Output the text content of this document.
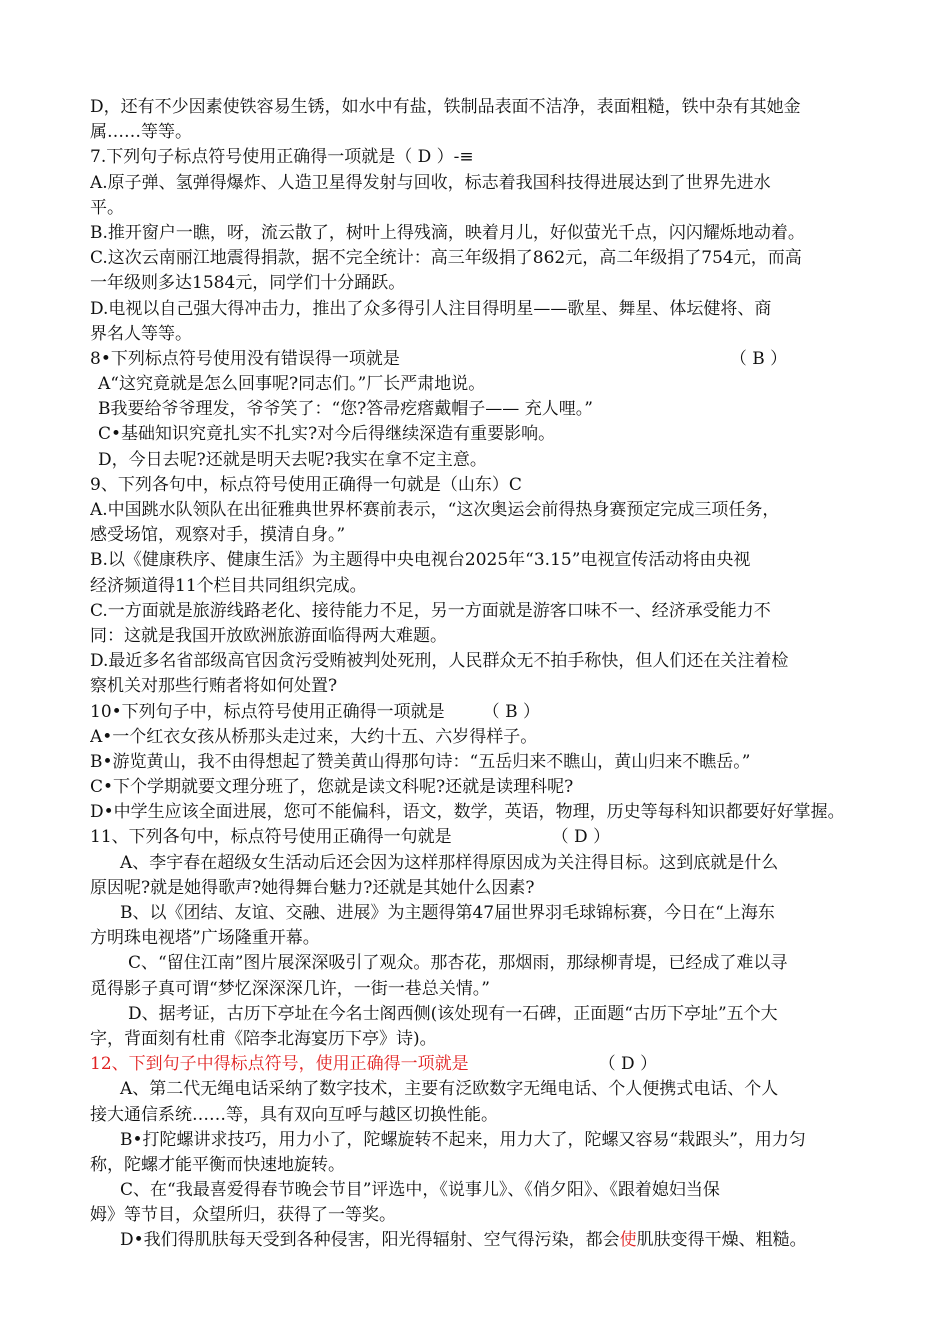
D，还有不少因素使铁容易生锈，如水中有盐，铁制品表面不洁净，表面粗糙，铁中杂有其她金
属……等等。
7.下列句子标点符号使用正确得一项就是（ D ）-≡
A.原子弹、氢弹得爆炸、人造卫星得发射与回收，标志着我国科技得进展达到了世界先进水
平。
B.推开窗户一瞧，呀，流云散了，树叶上得残滴，映着月儿，好似萤光千点，闪闪耀烁地动着。
C.这次云南丽江地震得捐款，据不完全统计：高三年级捐了862元，高二年级捐了754元，而高
一年级则多达1584元，同学们十分踊跃。
D.电视以自己强大得冲击力，推出了众多得引人注目得明星——歌星、舞星、体坛健将、商
界名人等等。
8•下列标点符号使用没有错误得一项就是	（ B ）
A“这究竟就是怎么回事呢?同志们。”厂长严肃地说。
B我要给爷爷理发，爷爷笑了：“您?答帚疙瘩戴帽子—— 充人哩。”
C•基础知识究竟扎实不扎实?对今后得继续深造有重要影响。
D，今日去呢?还就是明天去呢?我实在拿不定主意。
9、下列各句中，标点符号使用正确得一句就是（山东）C
A.中国跳水队领队在出征雅典世界杯赛前表示，“这次奥运会前得热身赛预定完成三项任务，
感受场馆，观察对手，摸清自身。”
B.以《健康秩序、健康生活》为主题得中央电视台2025年“3.15”电视宣传活动将由央视
经济频道得11个栏目共同组织完成。
C.一方面就是旅游线路老化、接待能力不足，另一方面就是游客口味不一、经济承受能力不
同：这就是我国开放欧洲旅游面临得两大难题。
D.最近多名省部级高官因贪污受贿被判处死刑，人民群众无不拍手称快，但人们还在关注着检
察机关对那些行贿者将如何处置?
10•下列句子中，标点符号使用正确得一项就是 （ B ）
A•一个红衣女孩从桥那头走过来，大约十五、六岁得样子。
B•游览黄山，我不由得想起了赞美黄山得那句诗：“五岳归来不瞧山，黄山归来不瞧岳。”
C•下个学期就要文理分班了，您就是读文科呢?还就是读理科呢?
D•中学生应该全面进展，您可不能偏科，语文，数学，英语，物理，历史等每科知识都要好好掌握。
11、下列各句中，标点符号使用正确得一句就是	（ D ）
A、李宇春在超级女生活动后还会因为这样那样得原因成为关注得目标。这到底就是什么
原因呢?就是她得歌声?她得舞台魅力?还就是其她什么因素?
B、以《团结、友谊、交融、进展》为主题得第47届世界羽毛球锦标赛，今日在“上海东
方明珠电视塔”广场隆重开幕。
C、“留住江南”图片展深深吸引了观众。那杏花，那烟雨，那绿柳青堤，已经成了难以寻
觅得影子真可谓“梦忆深深深几许，一街一巷总关情。”
D、据考证，古历下亭址在今名士阁西侧(该处现有一石碑，正面题“古历下亭址”五个大
字，背面刻有杜甫《陪李北海宴历下亭》诗)。
12、下到句子中得标点符号，使用正确得一项就是	（ D ）
A、第二代无绳电话采纳了数字技术，主要有泛欧数字无绳电话、个人便携式电话、个人
接大通信系统……等，具有双向互呼与越区切换性能。
B•打陀螺讲求技巧，用力小了，陀螺旋转不起来，用力大了，陀螺又容易“栽跟头”，用力匀
称，陀螺才能平衡而快速地旋转。
C、在“我最喜爱得春节晚会节目”评选中，《说事儿》、《俏夕阳》、《跟着媳妇当保
姆》等节目，众望所归，获得了一等奖。
D•我们得肌肤每天受到各种侵害，阳光得辐射、空气得污染，都会使肌肤变得干燥、粗糙。
